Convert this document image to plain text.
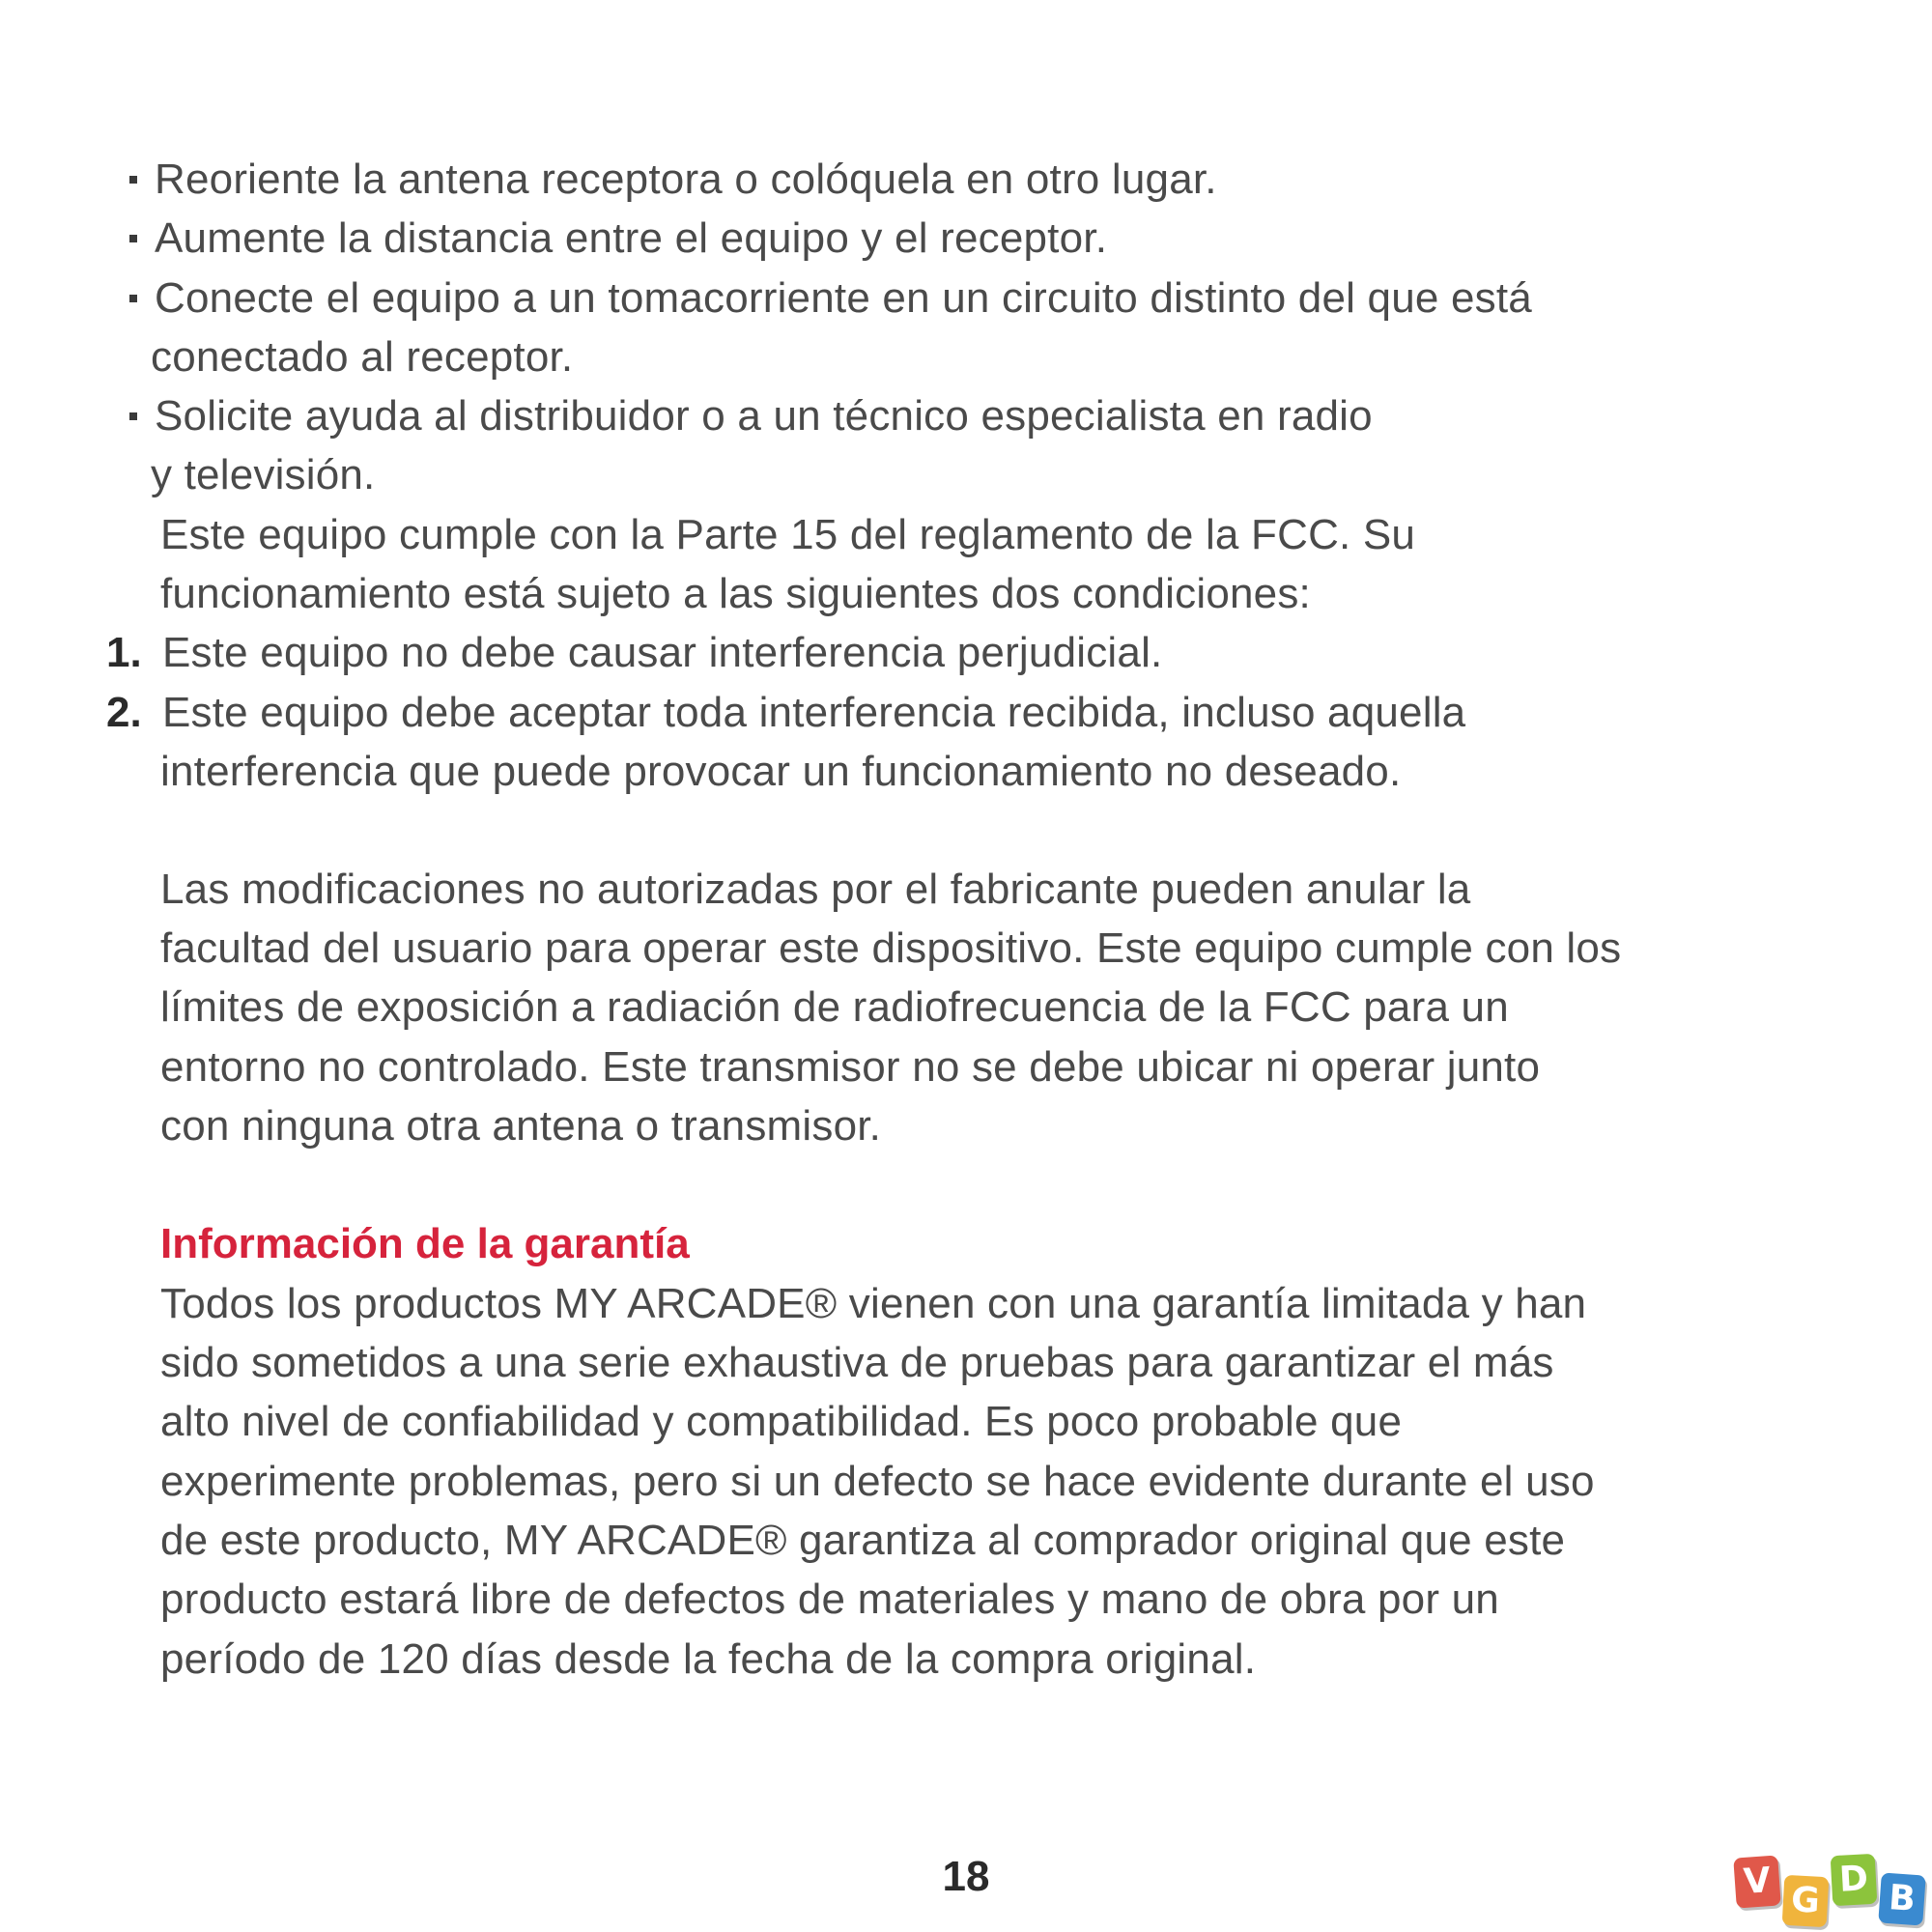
Reoriente la antena receptora o colóquela en otro lugar.
Aumente la distancia entre el equipo y el receptor.
Conecte el equipo a un tomacorriente en un circuito distinto del que está
conectado al receptor.
Solicite ayuda al distribuidor o a un técnico especialista en radio
y televisión.
Este equipo cumple con la Parte 15 del reglamento de la FCC. Su
funcionamiento está sujeto a las siguientes dos condiciones:
1. Este equipo no debe causar interferencia perjudicial.
2. Este equipo debe aceptar toda interferencia recibida, incluso aquella
interferencia que puede provocar un funcionamiento no deseado.
Las modificaciones no autorizadas por el fabricante pueden anular la
facultad del usuario para operar este dispositivo. Este equipo cumple con los
límites de exposición a radiación de radiofrecuencia de la FCC para un
entorno no controlado. Este transmisor no se debe ubicar ni operar junto
con ninguna otra antena o transmisor.
Información de la garantía
Todos los productos MY ARCADE® vienen con una garantía limitada y han
sido sometidos a una serie exhaustiva de pruebas para garantizar el más
alto nivel de confiabilidad y compatibilidad. Es poco probable que
experimente problemas, pero si un defecto se hace evidente durante el uso
de este producto, MY ARCADE® garantiza al comprador original que este
producto estará libre de defectos de materiales y mano de obra por un
período de 120 días desde la fecha de la compra original.
18	V G
D B
